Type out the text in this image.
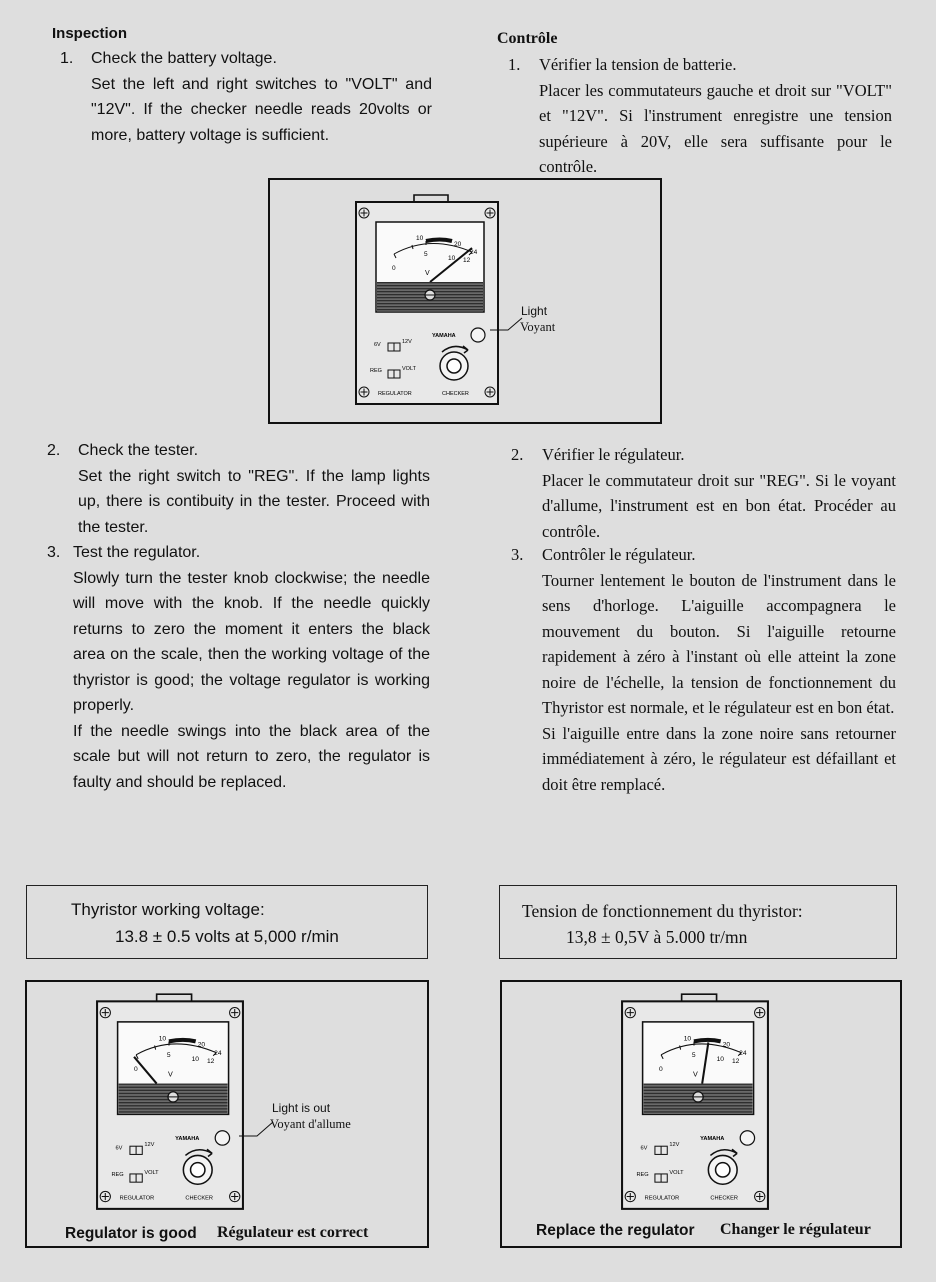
Inspection
1. Check the battery voltage.
Set the left and right switches to "VOLT" and "12V". If the checker needle reads 20volts or more, battery voltage is sufficient.
Contrôle
1. Vérifier la tension de batterie.
Placer les commutateurs gauche et droit sur "VOLT" et "12V". Si l'instrument enregistre une tension supérieure à 20V, elle sera suffisante pour le contrôle.
0
5
10
20
24
10 12
V
YAMAHA
6V	12V
REG	VOLT
REGULATOR	CHECKER
Light
Voyant
2. Check the tester.
Set the right switch to "REG". If the lamp lights up, there is contibuity in the tester. Proceed with the tester.
3. Test the regulator.
Slowly turn the tester knob clockwise; the needle will move with the knob. If the needle quickly returns to zero the moment it enters the black area on the scale, then the working voltage of the thyristor is good; the voltage regulator is working properly.
If the needle swings into the black area of the scale but will not return to zero, the regulator is faulty and should be replaced.
2. Vérifier le régulateur.
Placer le commutateur droit sur "REG". Si le voyant d'allume, l'instrument est en bon état. Procéder au contrôle.
3. Contrôler le régulateur.
Tourner lentement le bouton de l'instrument dans le sens d'horloge. L'aiguille accompagnera le mouvement du bouton. Si l'aiguille retourne rapidement à zéro à l'instant où elle atteint la zone noire de l'échelle, la tension de fonctionnement du Thyristor est normale, et le régulateur est en bon état.
Si l'aiguille entre dans la zone noire sans retourner immédiatement à zéro, le régulateur est défaillant et doit être remplacé.
Thyristor working voltage:
13.8 ± 0.5 volts at 5,000 r/min
Tension de fonctionnement du thyristor:
13,8 ± 0,5V à 5.000 tr/mn
0
5
10
20
24
10 12
V
YAMAHA
6V
12V
REG	VOLT
REGULATOR	CHECKER
Light is out
Voyant d'allume
Regulator is good Régulateur est correct
0
5
10
20
24
10 12
V
YAMAHA
6V
12V
REG	VOLT
REGULATOR	CHECKER
Replace the regulator Changer le régulateur
